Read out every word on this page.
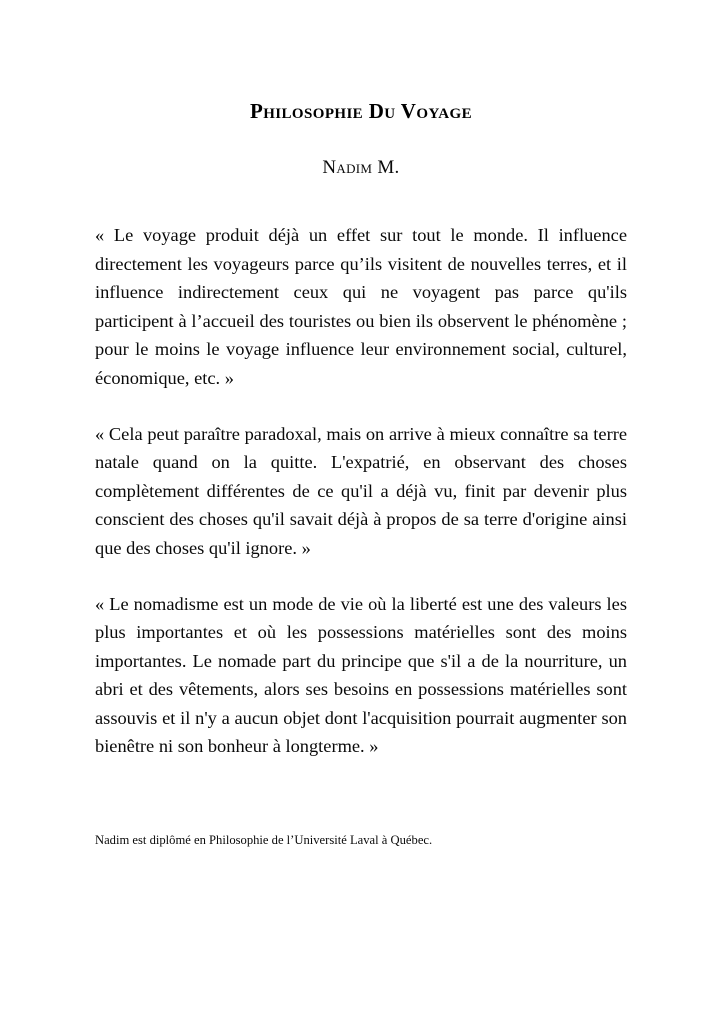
Philosophie Du Voyage

Nadim M.

« Le voyage produit déjà un effet sur tout le monde. Il influence directement les voyageurs parce qu’ils visitent de nouvelles terres, et il influence indirectement ceux qui ne voyagent pas parce qu'ils participent à l’accueil des touristes ou bien ils observent le phénomène ; pour le moins le voyage influence leur environnement social, culturel, économique, etc. »

« Cela peut paraître paradoxal, mais on arrive à mieux connaître sa terre natale quand on la quitte. L'expatrié, en observant des choses complètement différentes de ce qu'il a déjà vu, finit par devenir plus conscient des choses qu'il savait déjà à propos de sa terre d'origine ainsi que des choses qu'il ignore. »

« Le nomadisme est un mode de vie où la liberté est une des valeurs les plus importantes et où les possessions matérielles sont des moins importantes. Le nomade part du principe que s'il a de la nourriture, un abri et des vêtements, alors ses besoins en possessions matérielles sont assouvis et il n'y a aucun objet dont l'acquisition pourrait augmenter son bienêtre ni son bonheur à longterme. »

Nadim est diplômé en Philosophie de l’Université Laval à Québec.
